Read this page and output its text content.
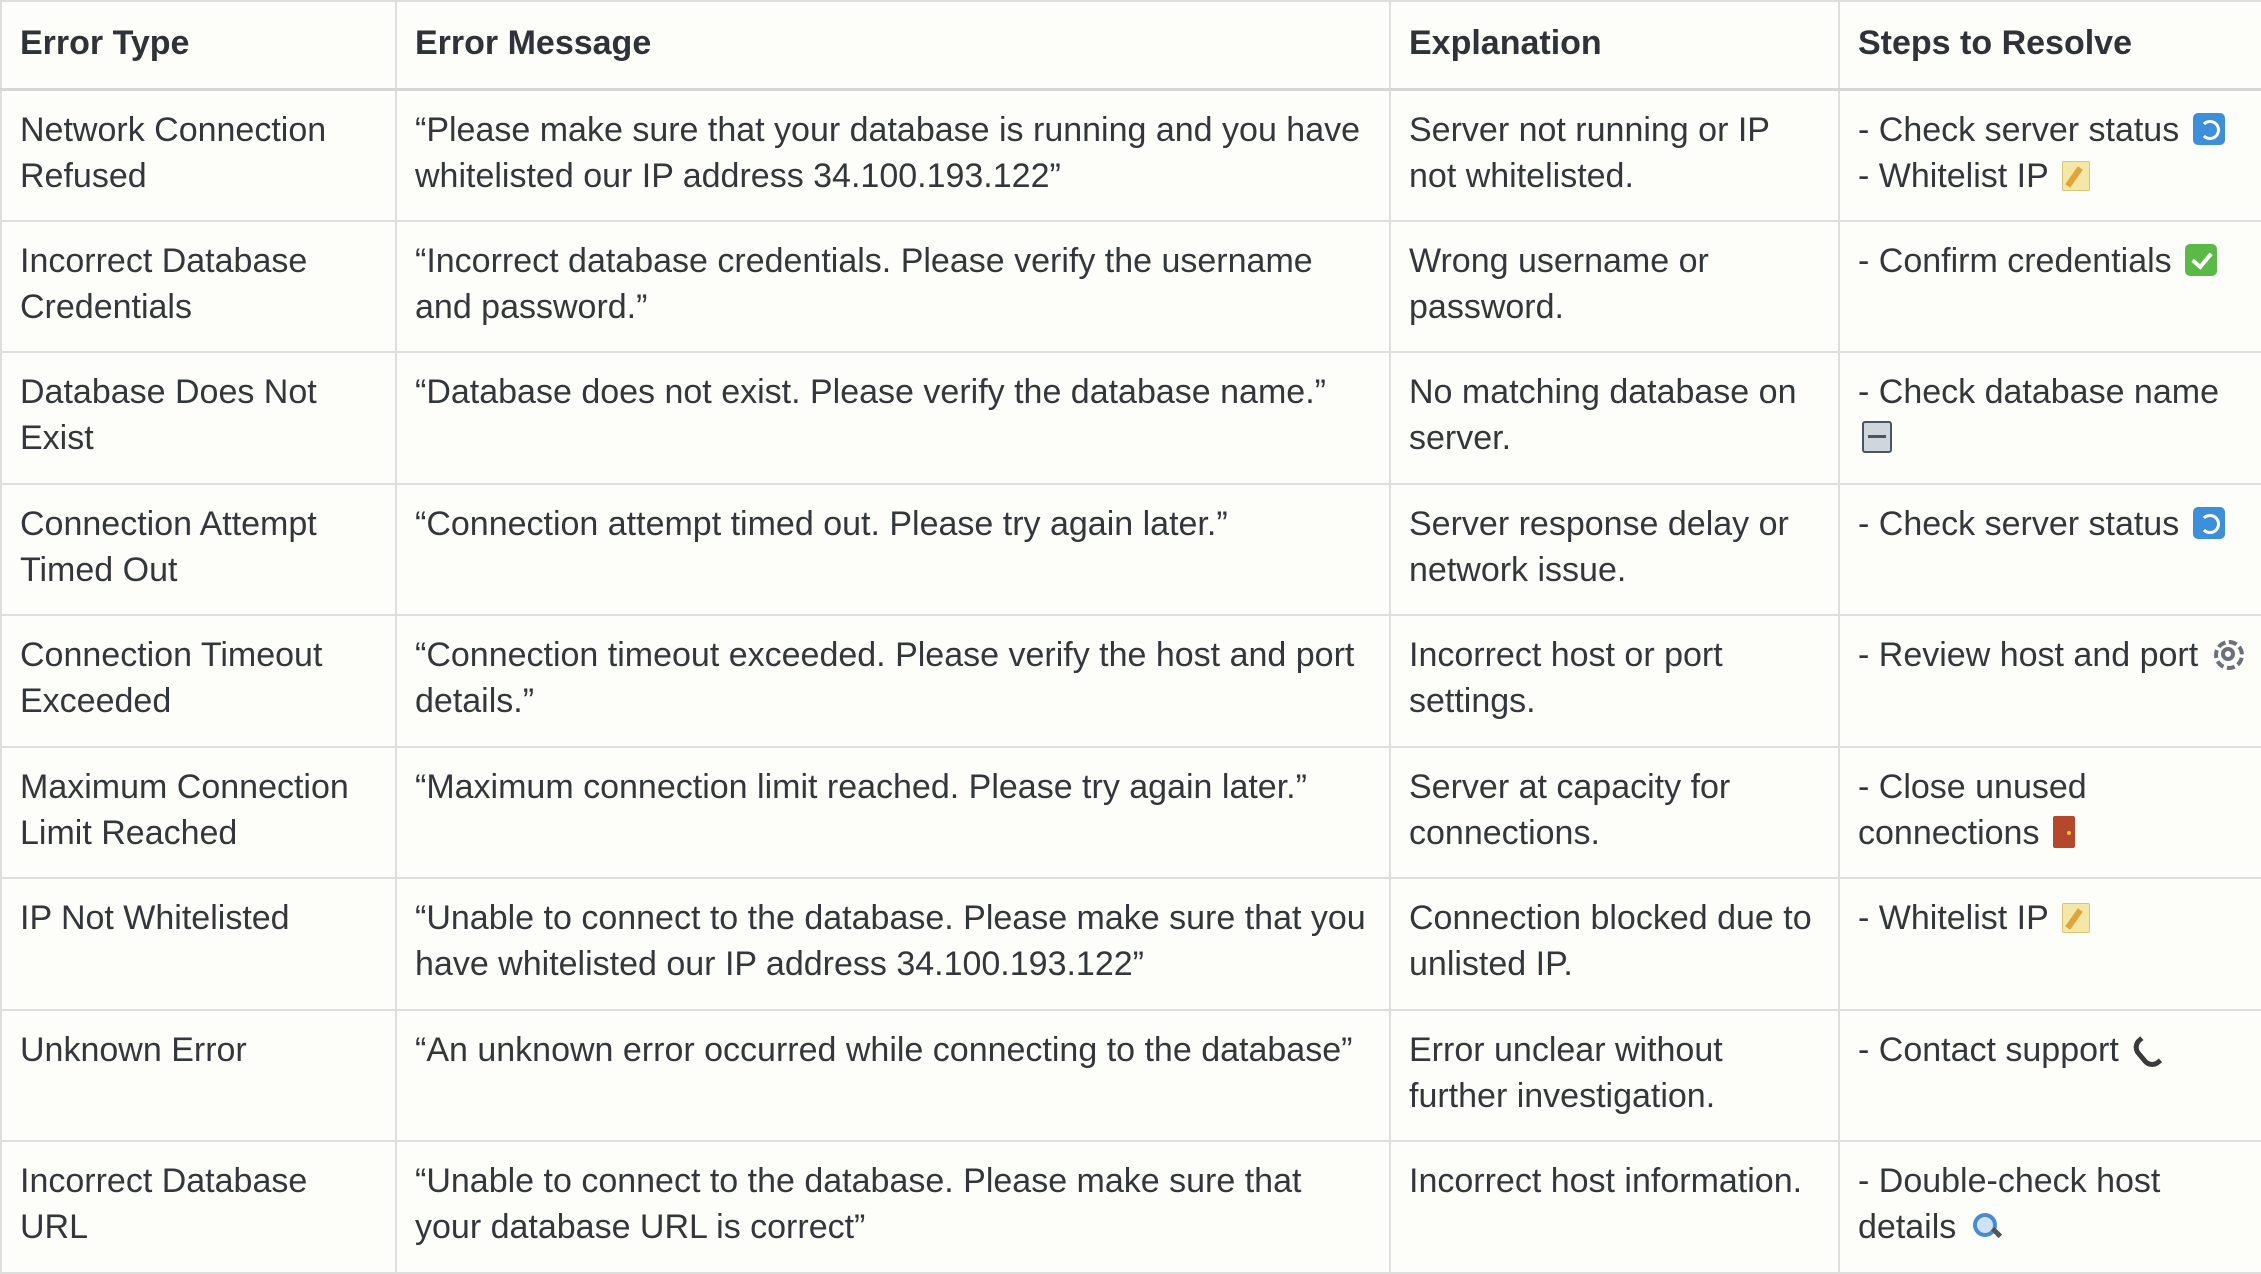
Error Type	Error Message	Explanation	Steps to Resolve
Network Connection Refused	“Please make sure that your database is running and you have whitelisted our IP address 34.100.193.122”	Server not running or IP not whitelisted.	- Check server status  - Whitelist IP
Incorrect Database Credentials	“Incorrect database credentials. Please verify the username and password.”	Wrong username or password.	- Confirm credentials
Database Does Not Exist	“Database does not exist. Please verify the database name.”	No matching database on server.	- Check database name
Connection Attempt Timed Out	“Connection attempt timed out. Please try again later.”	Server response delay or network issue.	- Check server status
Connection Timeout Exceeded	“Connection timeout exceeded. Please verify the host and port details.”	Incorrect host or port settings.	- Review host and port
Maximum Connection Limit Reached	“Maximum connection limit reached. Please try again later.”	Server at capacity for connections.	- Close unused connections
IP Not Whitelisted	“Unable to connect to the database. Please make sure that you have whitelisted our IP address 34.100.193.122”	Connection blocked due to unlisted IP.	- Whitelist IP
Unknown Error	“An unknown error occurred while connecting to the database”	Error unclear without further investigation.	- Contact support
Incorrect Database URL	“Unable to connect to the database. Please make sure that your database URL is correct”	Incorrect host information.	- Double-check host details
